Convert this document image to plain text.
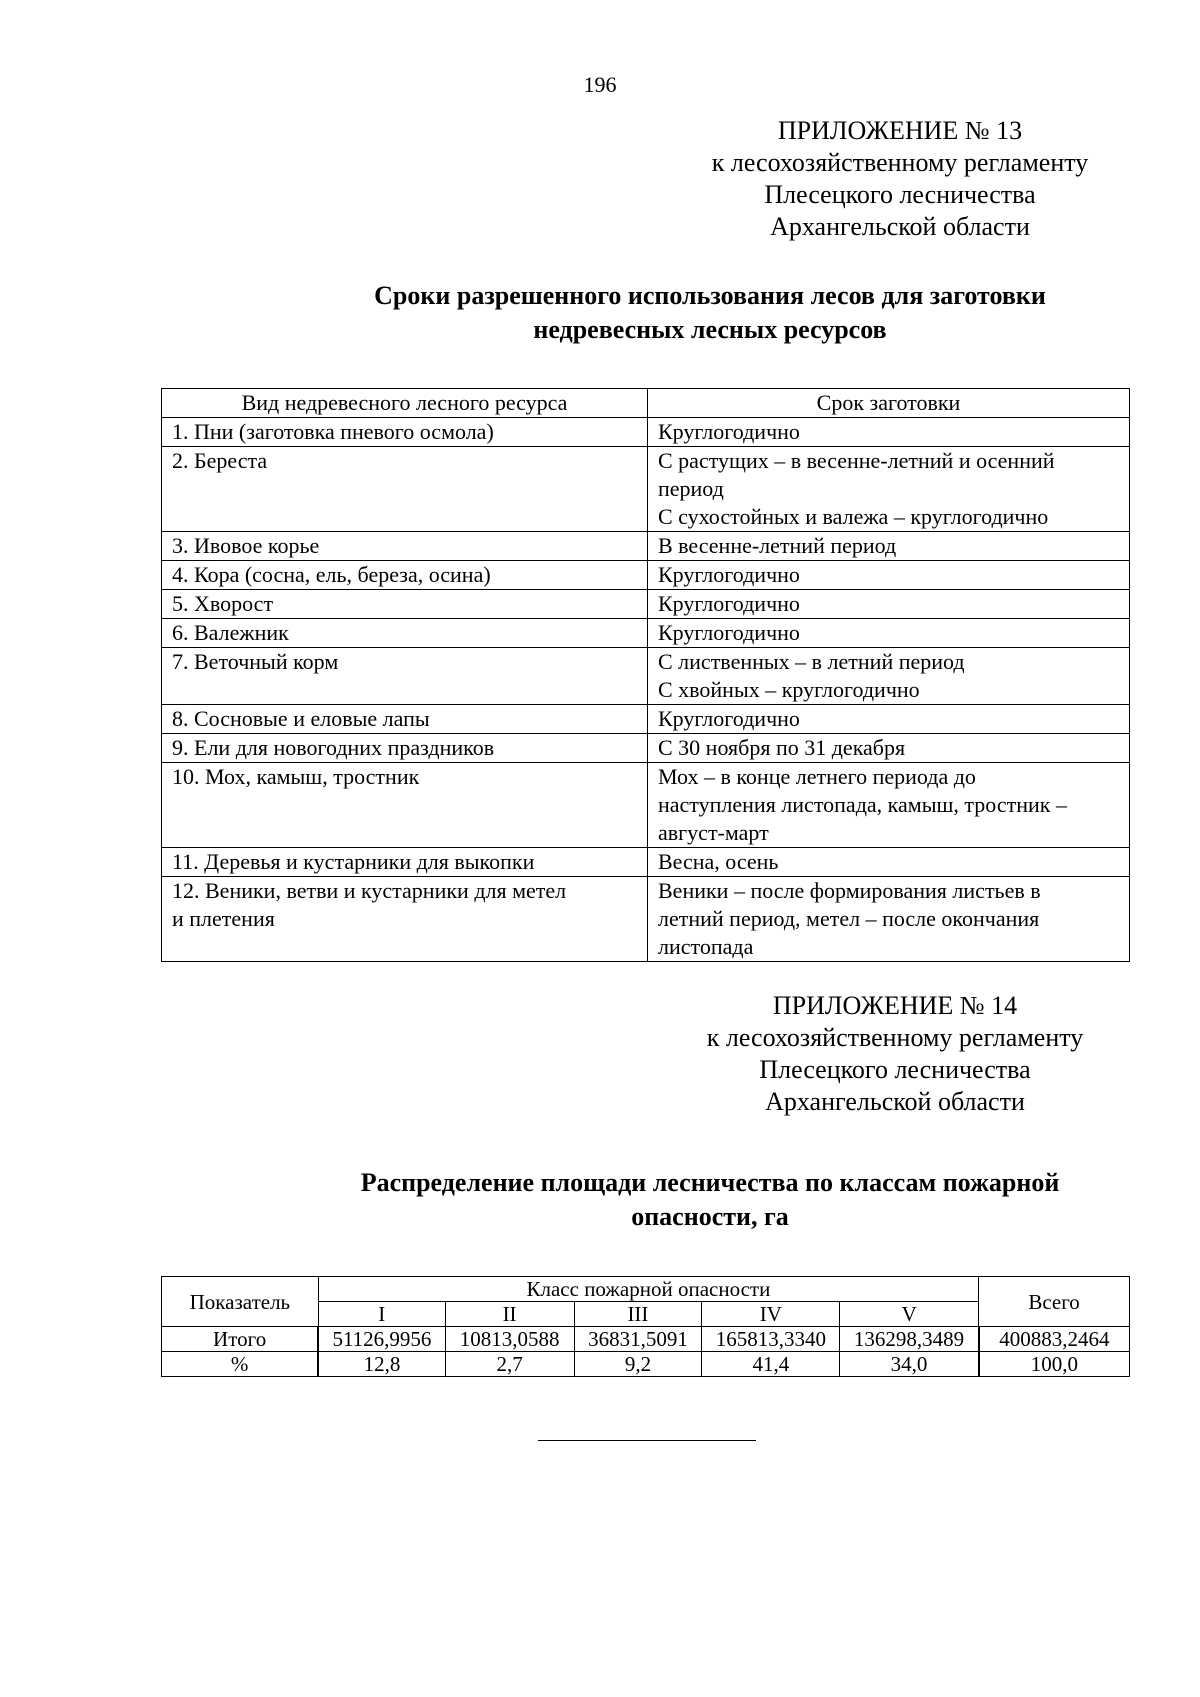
196
ПРИЛОЖЕНИЕ № 13
к лесохозяйственному регламенту
Плесецкого лесничества
Архангельской области
Сроки разрешенного использования лесов для заготовки
недревесных лесных ресурсов
Вид недревесного лесного ресурса	Срок заготовки

1. Пни (заготовка пневого осмола)	Круглогодично

2. Береста	С растущих – в весенне-летний и осенний
период
С сухостойных и валежа – круглогодично

3. Ивовое корье	В весенне-летний период

4. Кора (сосна, ель, береза, осина)	Круглогодично

5. Хворост	Круглогодично

6. Валежник	Круглогодично

7. Веточный корм	С лиственных – в летний период
С хвойных – круглогодично

8. Сосновые и еловые лапы	Круглогодично

9. Ели для новогодних праздников	С 30 ноября по 31 декабря

10. Мох, камыш, тростник	Мох – в конце летнего периода до
наступления листопада, камыш, тростник –
август-март

11. Деревья и кустарники для выкопки	Весна, осень

12. Веники, ветви и кустарники для метел
и плетения	Веники – после формирования листьев в
летний период, метел – после окончания
листопада
ПРИЛОЖЕНИЕ № 14
к лесохозяйственному регламенту
Плесецкого лесничества
Архангельской области
Распределение площади лесничества по классам пожарной
опасности, га
Показатель	Класс пожарной опасности					Всего
	I	II	III	IV	V	
Итого	51126,9956	10813,0588	36831,5091	165813,3340	136298,3489	400883,2464
%	12,8	2,7	9,2	41,4	34,0	100,0
